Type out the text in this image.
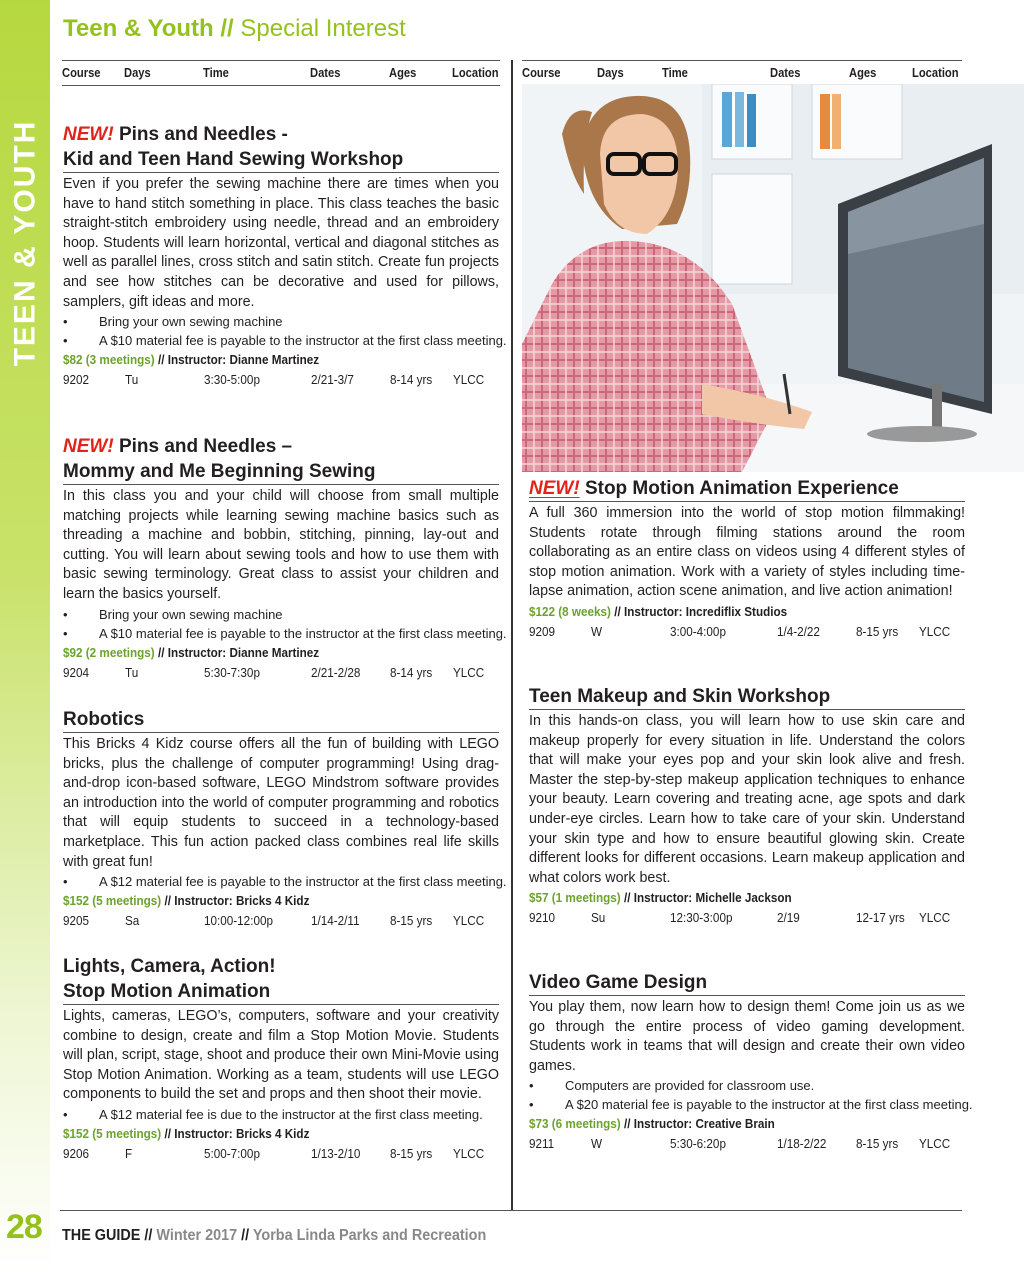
TEEN & YOUTH
28
Teen & Youth // Special Interest
Course Days	Time	Dates	Ages	Location Course	Days	Time	Dates	Ages	Location
NEW! Pins and Needles -
Kid and Teen Hand Sewing Workshop

Even if you prefer the sewing machine there are times when you have to hand stitch something in place. This class teaches the basic straight-stitch embroidery using needle, thread and an embroidery hoop. Students will learn horizontal, vertical and diagonal stitches as well as parallel lines, cross stitch and satin stitch. Create fun projects and see how stitches can be decorative and used for pillows, samplers, gift ideas and more.

• Bring your own sewing machine
• A $10 material fee is payable to the instructor at the first class meeting.
$82 (3 meetings) // Instructor: Dianne Martinez
9202	Tu	3:30-5:00p	2/21-3/7	8-14 yrs YLCC
NEW! Pins and Needles –
Mommy and Me Beginning Sewing

In this class you and your child will choose from small multiple matching projects while learning sewing machine basics such as threading a machine and bobbin, stitching, pinning, lay-out and cutting. You will learn about sewing tools and how to use them with basic sewing terminology. Great class to assist your children and learn the basics yourself.

• Bring your own sewing machine
• A $10 material fee is payable to the instructor at the first class meeting.
$92 (2 meetings) // Instructor: Dianne Martinez
9204	Tu	5:30-7:30p	2/21-2/28 8-14 yrs YLCC
Robotics

This Bricks 4 Kidz course offers all the fun of building with LEGO bricks, plus the challenge of computer programming! Using drag-and-drop icon-based software, LEGO Mindstrom software provides an introduction into the world of computer programming and robotics that will equip students to succeed in a technology-based marketplace. This fun action packed class combines real life skills with great fun!

• A $12 material fee is payable to the instructor at the first class meeting.
$152 (5 meetings) // Instructor: Bricks 4 Kidz
9205	Sa	10:00-12:00p	1/14-2/11 8-15 yrs YLCC
Lights, Camera, Action!
Stop Motion Animation

Lights, cameras, LEGO’s, computers, software and your creativity combine to design, create and film a Stop Motion Movie. Students will plan, script, stage, shoot and produce their own Mini-Movie using Stop Motion Animation. Working as a team, students will use LEGO components to build the set and props and then shoot their movie.

• A $12 material fee is due to the instructor at the first class meeting.
$152 (5 meetings) // Instructor: Bricks 4 Kidz
9206	F	5:00-7:00p	1/13-2/10 8-15 yrs YLCC
NEW! Stop Motion Animation Experience

A full 360 immersion into the world of stop motion filmmaking! Students rotate through filming stations around the room collaborating as an entire class on videos using 4 different styles of stop motion animation. Work with a variety of styles including time-lapse animation, action scene animation, and live action animation!

$122 (8 weeks) // Instructor: Incrediflix Studios
9209	W	3:00-4:00p	1/4-2/22	8-15 yrs YLCC
Teen Makeup and Skin Workshop

In this hands-on class, you will learn how to use skin care and makeup properly for every situation in life. Understand the colors that will make your eyes pop and your skin look alive and fresh. Master the step-by-step makeup application techniques to enhance your beauty. Learn covering and treating acne, age spots and dark under-eye circles. Learn how to take care of your skin. Understand your skin type and how to ensure beautiful glowing skin. Create different looks for different occasions. Learn makeup application and what colors work best.

$57 (1 meetings) // Instructor: Michelle Jackson
9210	Su	12:30-3:00p	2/19	12-17 yrs YLCC
Video Game Design

You play them, now learn how to design them! Come join us as we go through the entire process of video gaming development. Students work in teams that will design and create their own video games.

• Computers are provided for classroom use.
• A $20 material fee is payable to the instructor at the first class meeting.
$73 (6 meetings) // Instructor: Creative Brain
9211	W	5:30-6:20p	1/18-2/22 8-15 yrs YLCC
THE GUIDE // Winter 2017 // Yorba Linda Parks and Recreation
